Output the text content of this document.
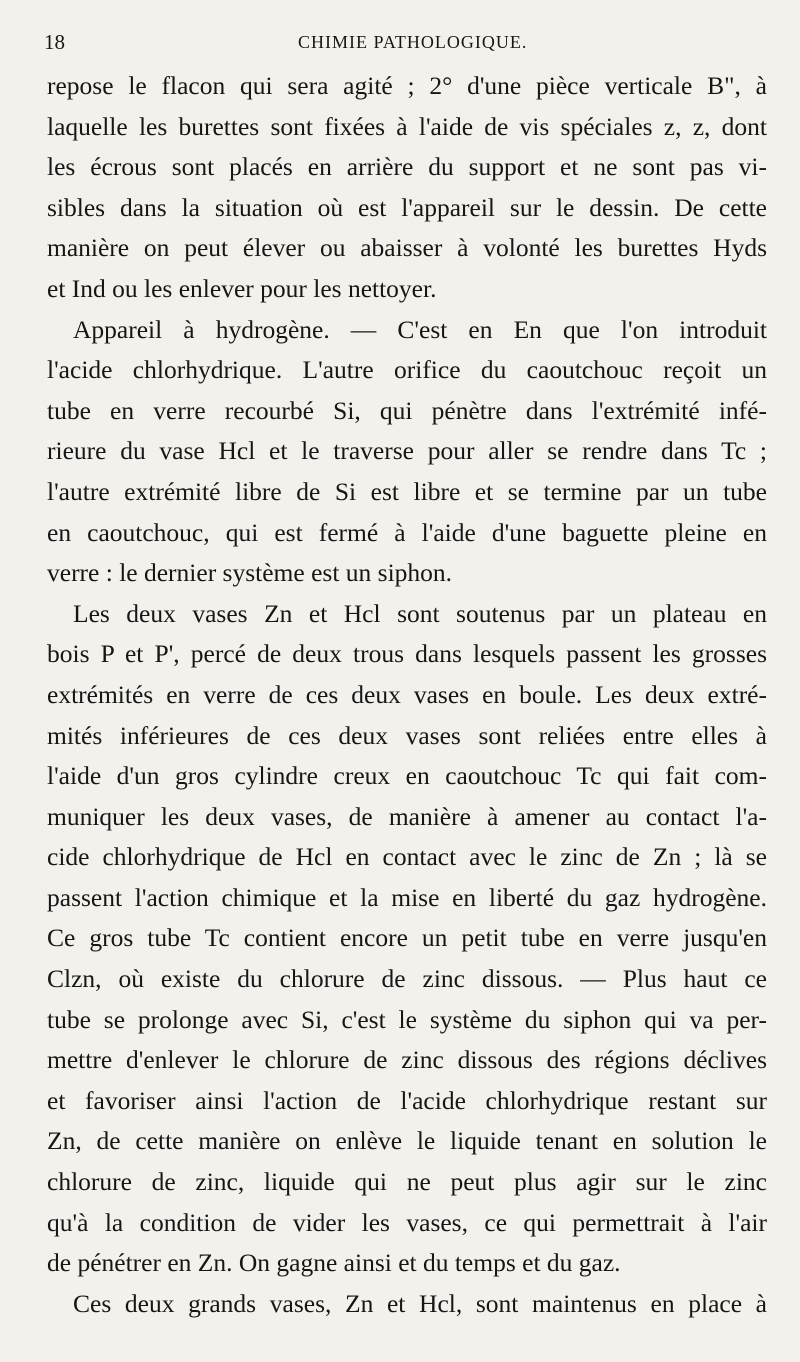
18	CHIMIE PATHOLOGIQUE.
repose le flacon qui sera agité ; 2° d'une pièce verticale B", à
laquelle les burettes sont fixées à l'aide de vis spéciales z, z, dont
les écrous sont placés en arrière du support et ne sont pas vi-
sibles dans la situation où est l'appareil sur le dessin. De cette
manière on peut élever ou abaisser à volonté les burettes Hyds
et Ind ou les enlever pour les nettoyer.
Appareil à hydrogène. — C'est en En que l'on introduit
l'acide chlorhydrique. L'autre orifice du caoutchouc reçoit un
tube en verre recourbé Si, qui pénètre dans l'extrémité infé-
rieure du vase Hcl et le traverse pour aller se rendre dans Tc ;
l'autre extrémité libre de Si est libre et se termine par un tube
en caoutchouc, qui est fermé à l'aide d'une baguette pleine en
verre : le dernier système est un siphon.
Les deux vases Zn et Hcl sont soutenus par un plateau en
bois P et P', percé de deux trous dans lesquels passent les grosses
extrémités en verre de ces deux vases en boule. Les deux extré-
mités inférieures de ces deux vases sont reliées entre elles à
l'aide d'un gros cylindre creux en caoutchouc Tc qui fait com-
muniquer les deux vases, de manière à amener au contact l'a-
cide chlorhydrique de Hcl en contact avec le zinc de Zn ; là se
passent l'action chimique et la mise en liberté du gaz hydrogène.
Ce gros tube Tc contient encore un petit tube en verre jusqu'en
Clzn, où existe du chlorure de zinc dissous. — Plus haut ce
tube se prolonge avec Si, c'est le système du siphon qui va per-
mettre d'enlever le chlorure de zinc dissous des régions déclives
et favoriser ainsi l'action de l'acide chlorhydrique restant sur
Zn, de cette manière on enlève le liquide tenant en solution le
chlorure de zinc, liquide qui ne peut plus agir sur le zinc
qu'à la condition de vider les vases, ce qui permettrait à l'air
de pénétrer en Zn. On gagne ainsi et du temps et du gaz.
Ces deux grands vases, Zn et Hcl, sont maintenus en place à
